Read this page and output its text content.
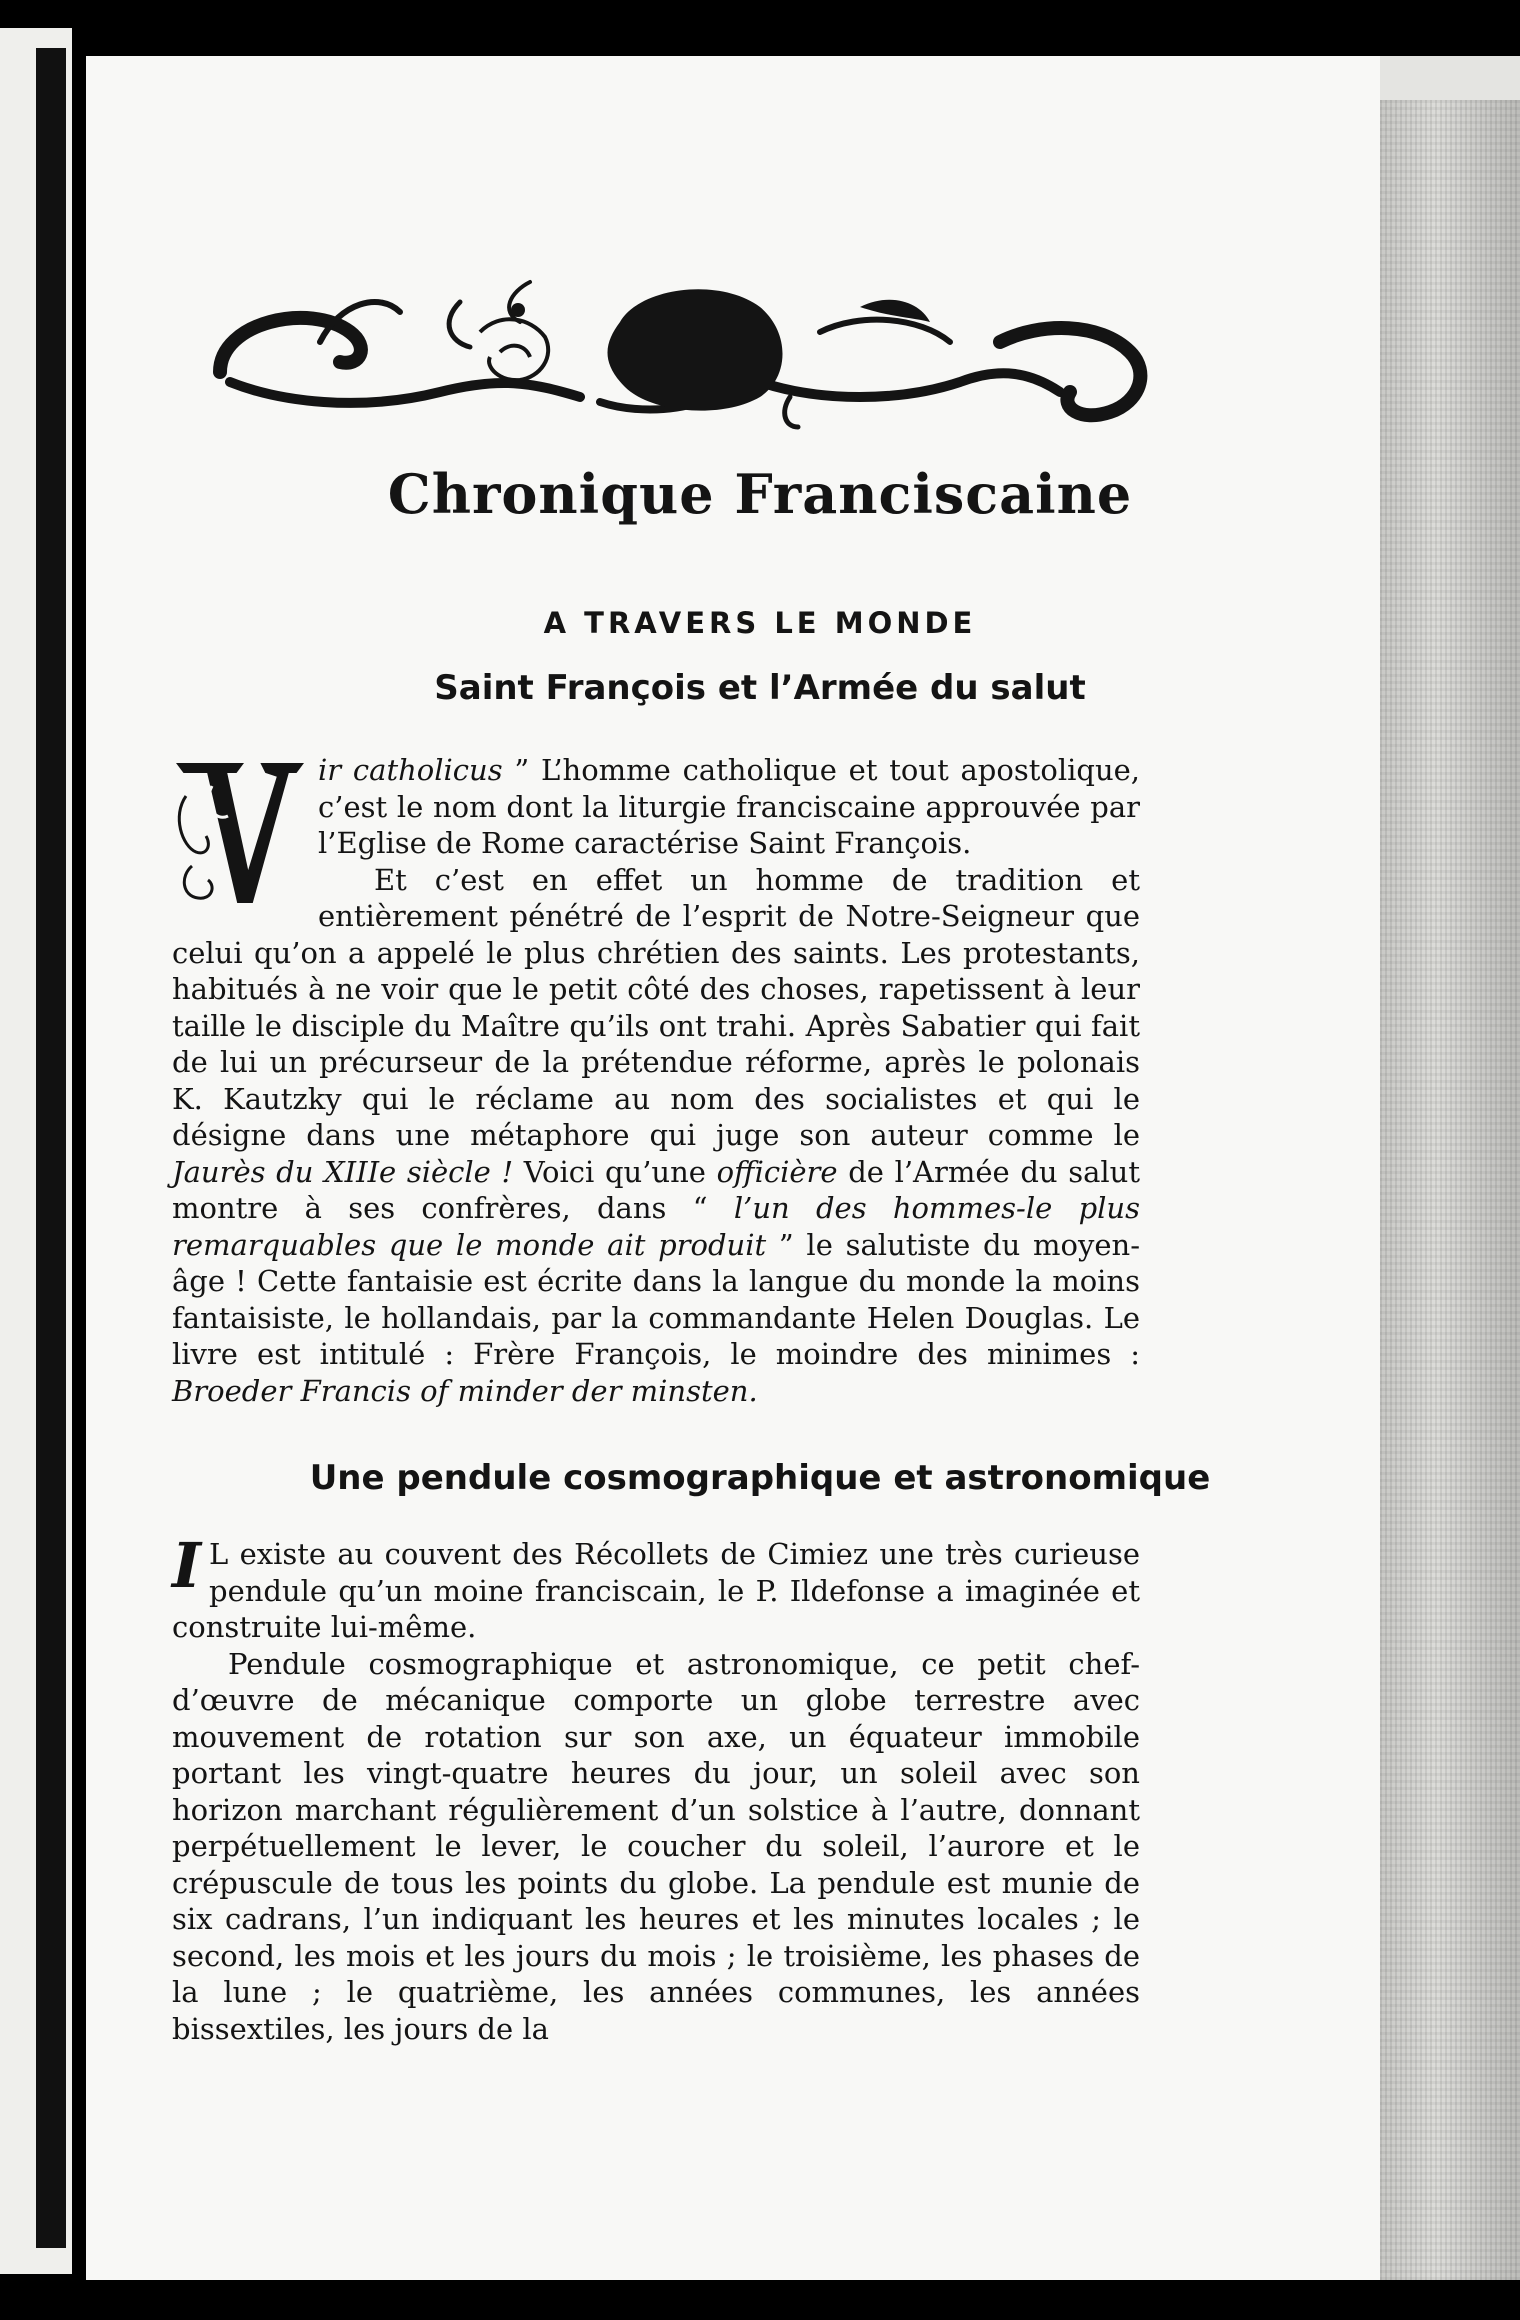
Chronique Franciscaine
A TRAVERS LE MONDE
Saint François et l’Armée du salut

ir catholicus ” L’homme catholique et tout apostolique, c’est le nom dont la liturgie franciscaine approuvée par l’Eglise de Rome caractérise Saint François.

Et c’est en effet un homme de tradition et entièrement pénétré de l’esprit de Notre-Seigneur que celui qu’on a appelé le plus chrétien des saints. Les protestants, habitués à ne voir que le petit côté des choses, rapetissent à leur taille le disciple du Maître qu’ils ont trahi. Après Sabatier qui fait de lui un précurseur de la prétendue réforme, après le polonais K. Kautzky qui le réclame au nom des socialistes et qui le désigne dans une métaphore qui juge son auteur comme le Jaurès du XIIIe siècle ! Voici qu’une officière de l’Armée du salut montre à ses confrères, dans “ l’un des hommes-le plus remarquables que le monde ait produit ” le salutiste du moyen-âge ! Cette fantaisie est écrite dans la langue du monde la moins fantaisiste, le hollandais, par la commandante Helen Douglas. Le livre est intitulé : Frère François, le moindre des minimes : Broeder Francis of minder der minsten.

Une pendule cosmographique et astronomique
I L existe au couvent des Récollets de Cimiez une très curieuse pendule qu’un moine franciscain, le P. Ildefonse a imaginée et construite lui-même.

Pendule cosmographique et astronomique, ce petit chef-d’œuvre de mécanique comporte un globe terrestre avec mouvement de rotation sur son axe, un équateur immobile portant les vingt-quatre heures du jour, un soleil avec son horizon marchant régulièrement d’un solstice à l’autre, donnant perpétuellement le lever, le coucher du soleil, l’aurore et le crépuscule de tous les points du globe. La pendule est munie de six cadrans, l’un indiquant les heures et les minutes locales ; le second, les mois et les jours du mois ; le troisième, les phases de la lune ; le quatrième, les années communes, les années bissextiles, les jours de la
